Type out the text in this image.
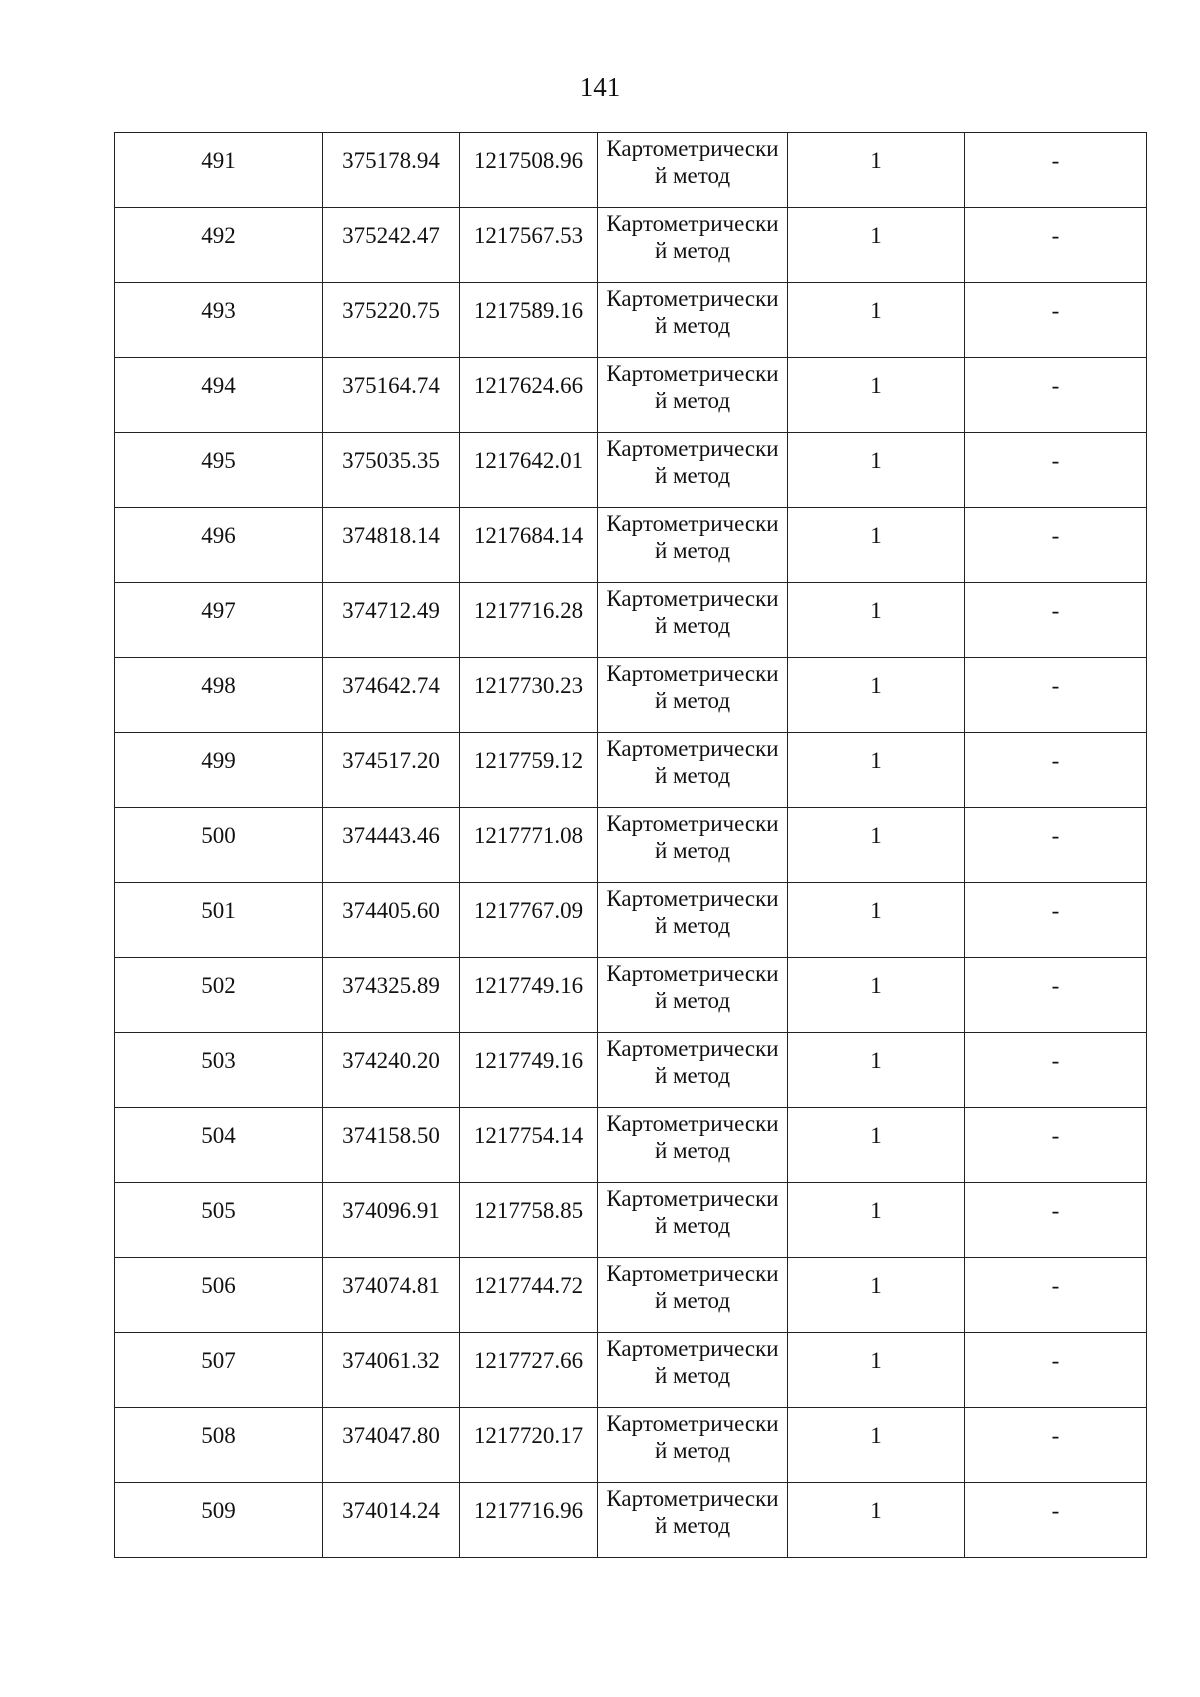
141
491	375178.94	1217508.96	Картометрически
й метод	1	-

492	375242.47	1217567.53	Картометрически
й метод	1	-

493	375220.75	1217589.16	Картометрически
й метод	1	-

494	375164.74	1217624.66	Картометрически
й метод	1	-

495	375035.35	1217642.01	Картометрически
й метод	1	-

496	374818.14	1217684.14	Картометрически
й метод	1	-

497	374712.49	1217716.28	Картометрически
й метод	1	-

498	374642.74	1217730.23	Картометрически
й метод	1	-

499	374517.20	1217759.12	Картометрически
й метод	1	-

500	374443.46	1217771.08	Картометрически
й метод	1	-

501	374405.60	1217767.09	Картометрически
й метод	1	-

502	374325.89	1217749.16	Картометрически
й метод	1	-

503	374240.20	1217749.16	Картометрически
й метод	1	-

504	374158.50	1217754.14	Картометрически
й метод	1	-

505	374096.91	1217758.85	Картометрически
й метод	1	-

506	374074.81	1217744.72	Картометрически
й метод	1	-

507	374061.32	1217727.66	Картометрически
й метод	1	-

508	374047.80	1217720.17	Картометрически
й метод	1	-

509	374014.24	1217716.96	Картометрически
й метод	1	-
